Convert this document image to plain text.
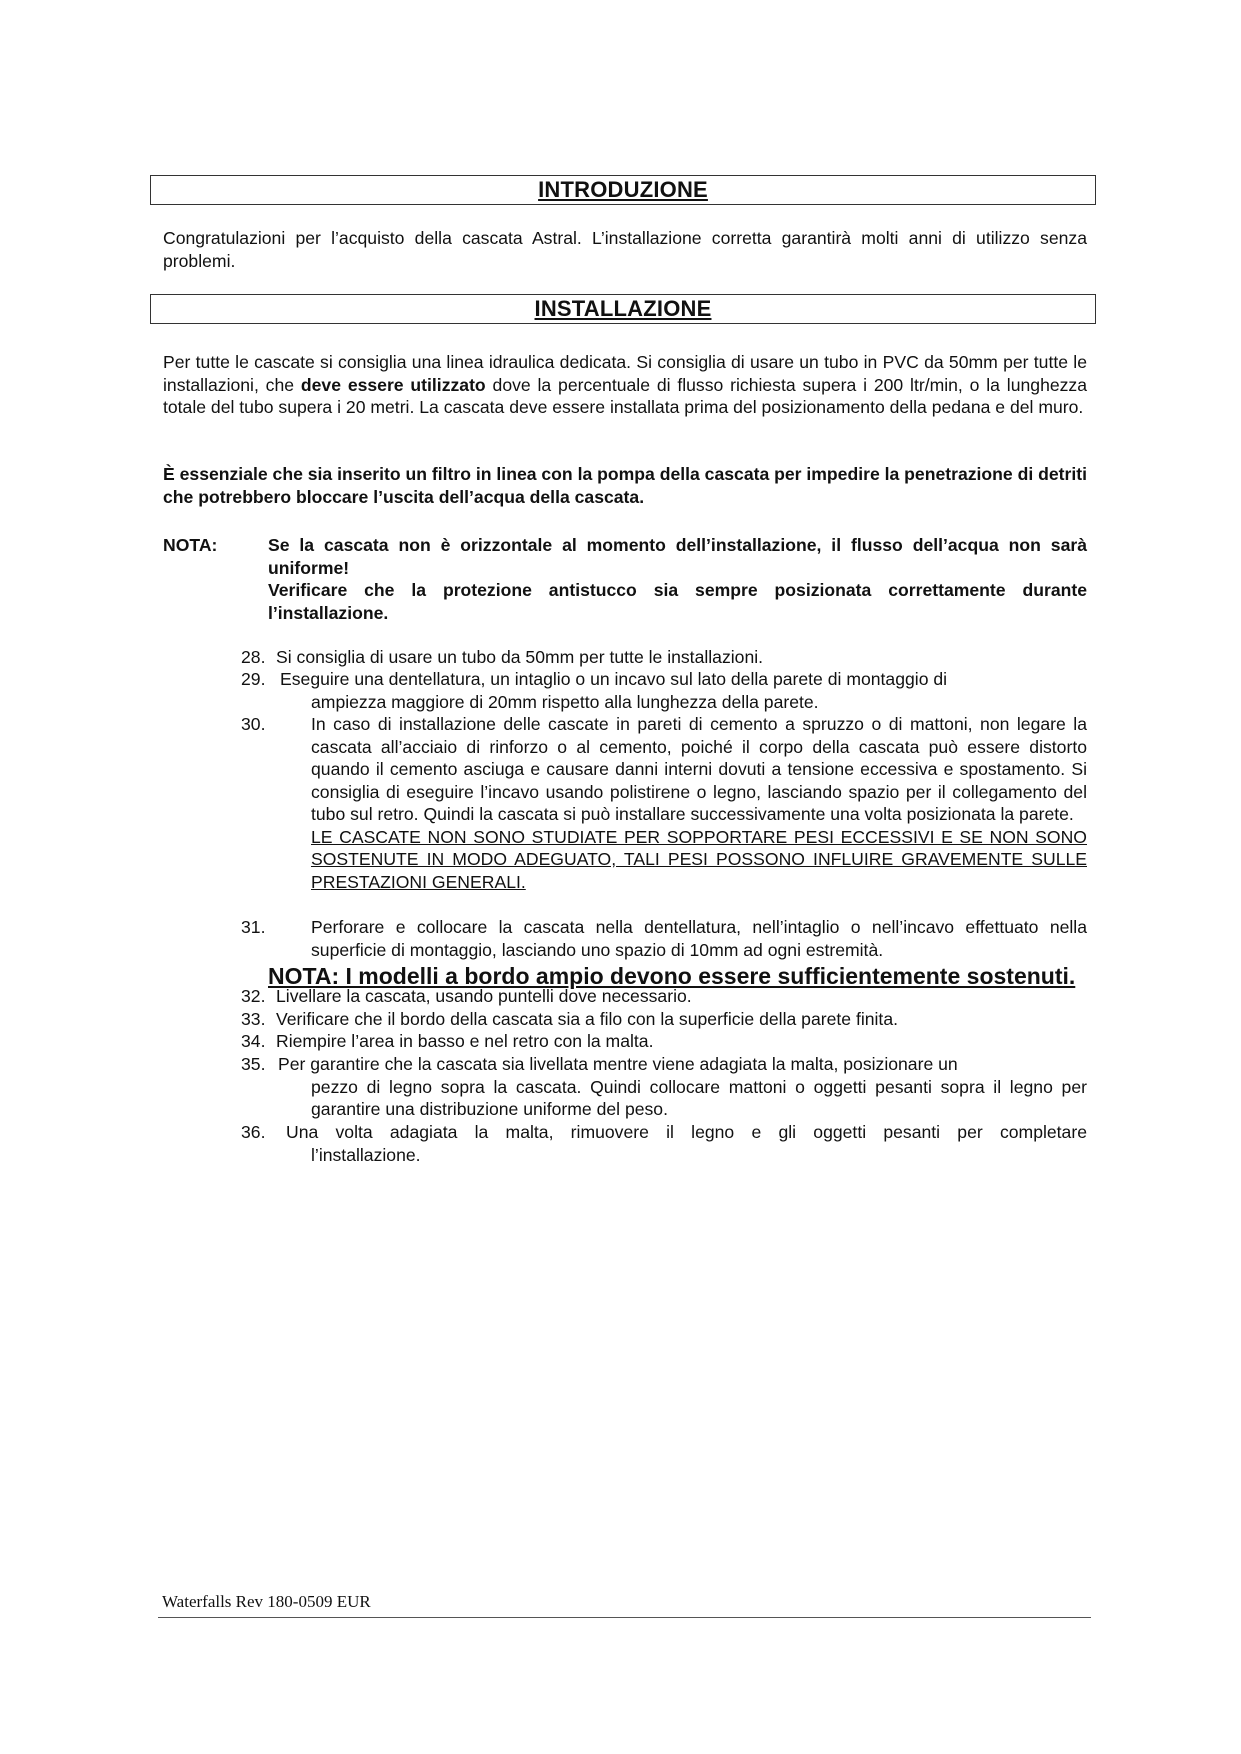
INTRODUZIONE

Congratulazioni per l’acquisto della cascata Astral. L’installazione corretta garantirà molti anni di utilizzo senza problemi.

INSTALLAZIONE

Per tutte le cascate si consiglia una linea idraulica dedicata. Si consiglia di usare un tubo in PVC da 50mm per tutte le installazioni, che deve essere utilizzato dove la percentuale di flusso richiesta supera i 200 ltr/min, o la lunghezza totale del tubo supera i 20 metri. La cascata deve essere installata prima del posizionamento della pedana e del muro.

È essenziale che sia inserito un filtro in linea con la pompa della cascata per impedire la penetrazione di detriti che potrebbero bloccare l’uscita dell’acqua della cascata.

NOTA:	Se la cascata non è orizzontale al momento dell’installazione, il flusso dell’acqua non sarà uniforme!
Verificare che la protezione antistucco sia sempre posizionata correttamente durante l’installazione.
28. Si consiglia di usare un tubo da 50mm per tutte le installazioni.
29. Eseguire una dentellatura, un intaglio o un incavo sul lato della parete di montaggio di
ampiezza maggiore di 20mm rispetto alla lunghezza della parete.
30.	In caso di installazione delle cascate in pareti di cemento a spruzzo o di mattoni, non legare la cascata all’acciaio di rinforzo o al cemento, poiché il corpo della cascata può essere distorto quando il cemento asciuga e causare danni interni dovuti a tensione eccessiva e spostamento. Si consiglia di eseguire l’incavo usando polistirene o legno, lasciando spazio per il collegamento del tubo sul retro. Quindi la cascata si può installare successivamente una volta posizionata la parete.

LE CASCATE NON SONO STUDIATE PER SOPPORTARE PESI ECCESSIVI E SE NON SONO SOSTENUTE IN MODO ADEGUATO, TALI PESI POSSONO INFLUIRE GRAVEMENTE SULLE PRESTAZIONI GENERALI.

31.	Perforare e collocare la cascata nella dentellatura, nell’intaglio o nell’incavo effettuato nella superficie di montaggio, lasciando uno spazio di 10mm ad ogni estremità.
32. Livellare la cascata, usando puntelli dove necessario.
33. Verificare che il bordo della cascata sia a filo con la superficie della parete finita.
34. Riempire l’area in basso e nel retro con la malta.
35. Per garantire che la cascata sia livellata mentre viene adagiata la malta, posizionare un
pezzo di legno sopra la cascata. Quindi collocare mattoni o oggetti pesanti sopra il legno per garantire una distribuzione uniforme del peso.
36. Una volta adagiata la malta, rimuovere il legno e gli oggetti pesanti per completare
l’installazione.
NOTA: I modelli a bordo ampio devono essere sufficientemente sostenuti.
Waterfalls Rev 180-0509 EUR
